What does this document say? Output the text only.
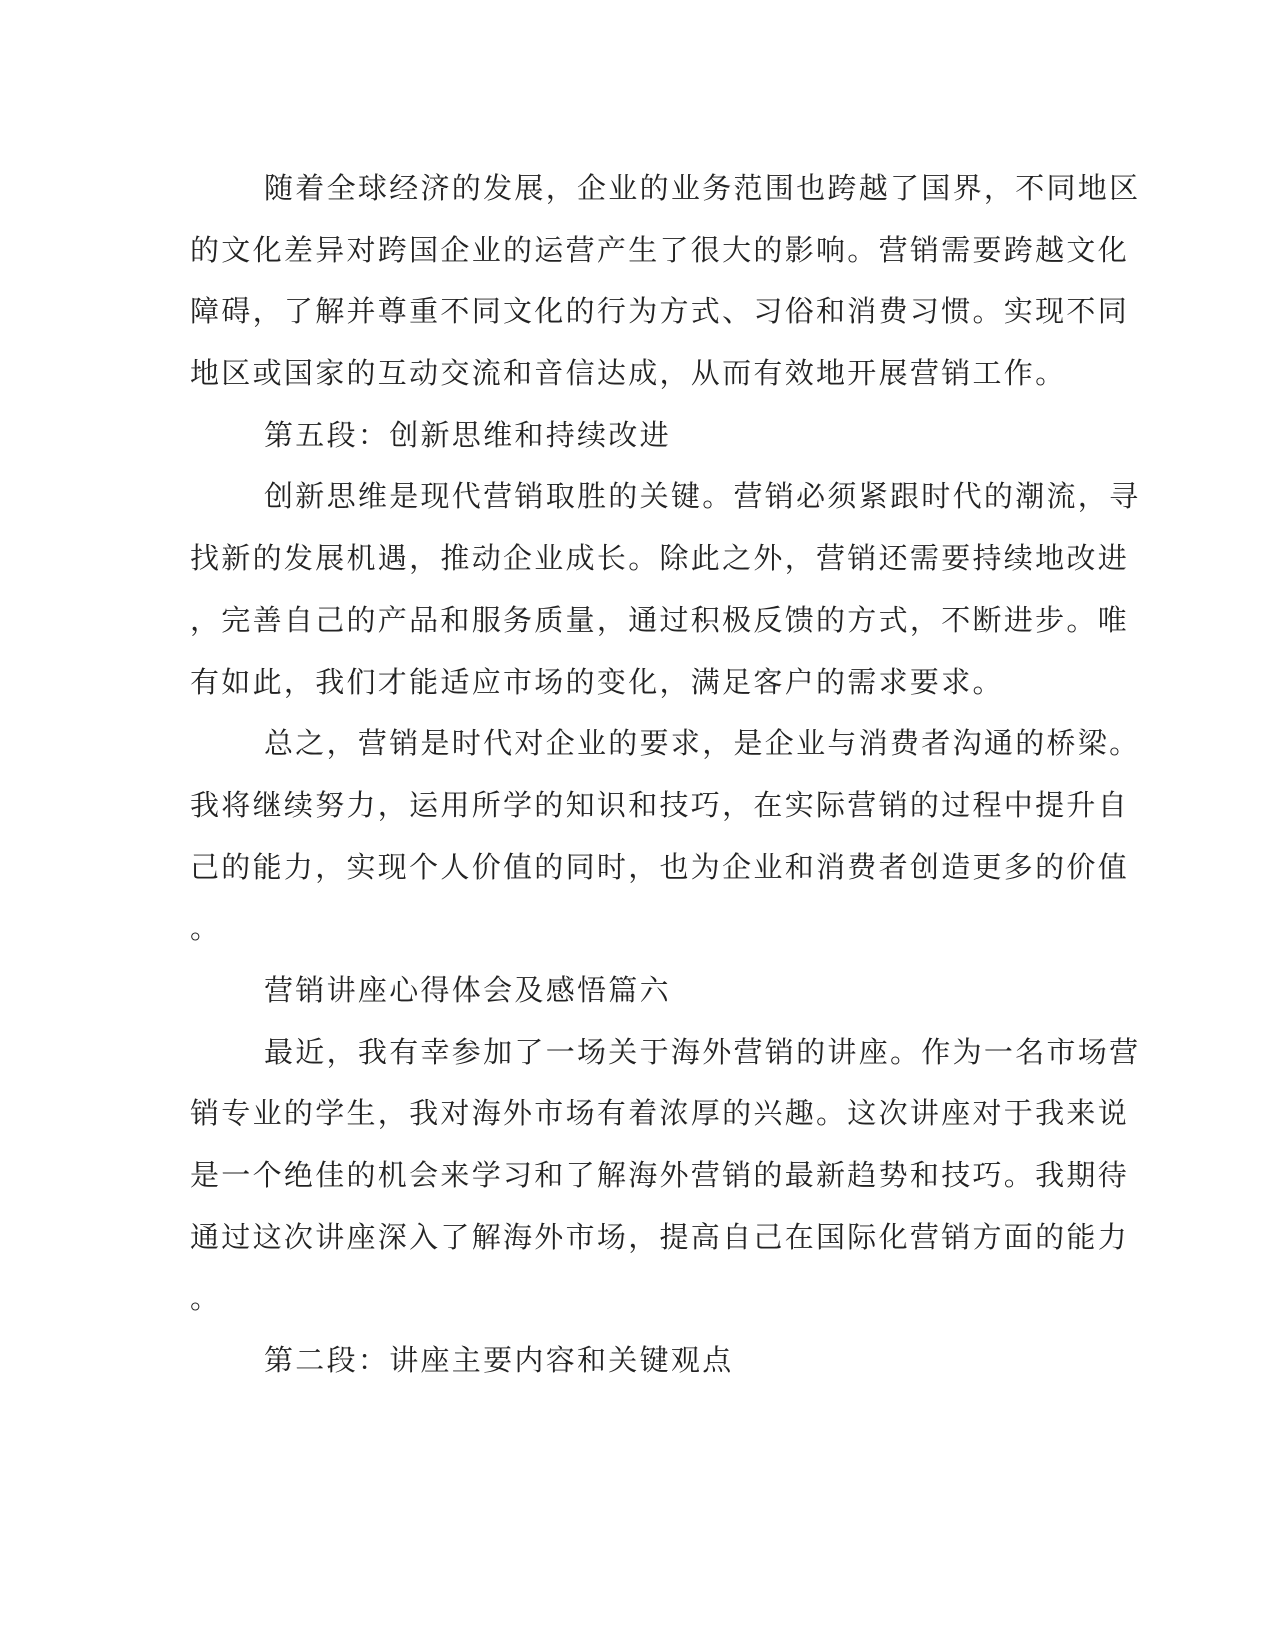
随着全球经济的发展，企业的业务范围也跨越了国界，不同地区
的文化差异对跨国企业的运营产生了很大的影响。营销需要跨越文化
障碍，了解并尊重不同文化的行为方式、习俗和消费习惯。实现不同
地区或国家的互动交流和音信达成，从而有效地开展营销工作。
第五段：创新思维和持续改进
创新思维是现代营销取胜的关键。营销必须紧跟时代的潮流，寻
找新的发展机遇，推动企业成长。除此之外，营销还需要持续地改进
，完善自己的产品和服务质量，通过积极反馈的方式，不断进步。唯
有如此，我们才能适应市场的变化，满足客户的需求要求。
总之，营销是时代对企业的要求，是企业与消费者沟通的桥梁。
我将继续努力，运用所学的知识和技巧，在实际营销的过程中提升自
己的能力，实现个人价值的同时，也为企业和消费者创造更多的价值
。
营销讲座心得体会及感悟篇六
最近，我有幸参加了一场关于海外营销的讲座。作为一名市场营
销专业的学生，我对海外市场有着浓厚的兴趣。这次讲座对于我来说
是一个绝佳的机会来学习和了解海外营销的最新趋势和技巧。我期待
通过这次讲座深入了解海外市场，提高自己在国际化营销方面的能力
。
第二段：讲座主要内容和关键观点
